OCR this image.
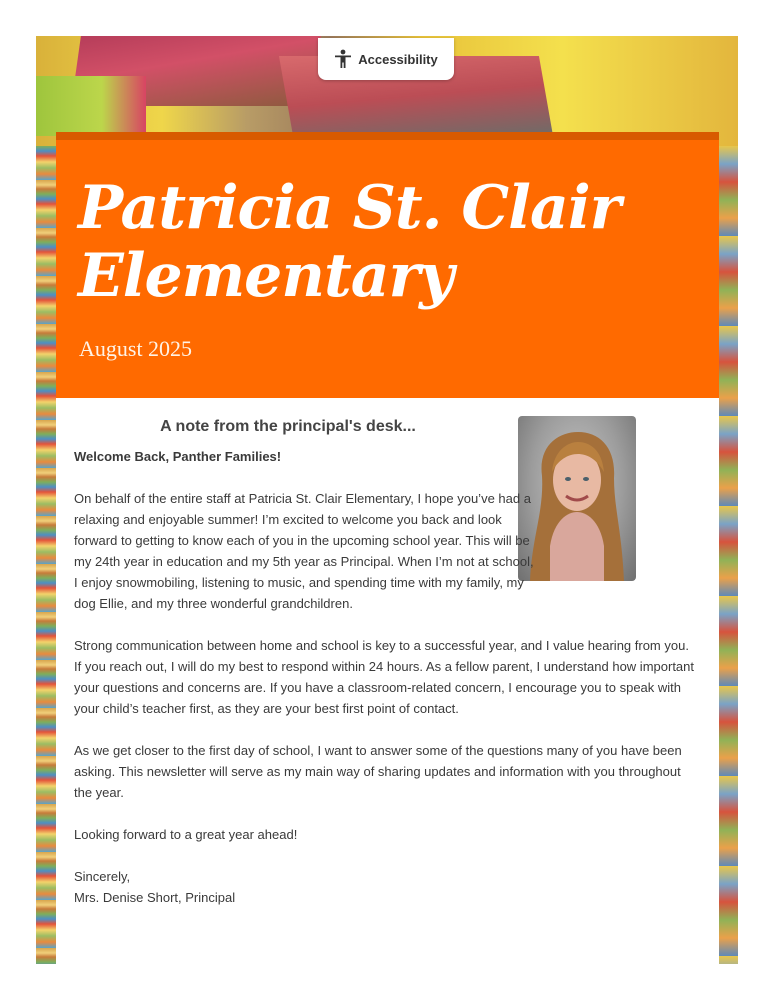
Accessibility
Patricia St. Clair
Elementary
August 2025
A note from the principal's desk...
Welcome Back, Panther Families!

On behalf of the entire staff at Patricia St. Clair Elementary, I hope you’ve had a relaxing and enjoyable summer! I’m excited to welcome you back and look forward to getting to know each of you in the upcoming school year. This will be my 24th year in education and my 5th year as Principal. When I’m not at school, I enjoy snowmobiling, listening to music, and spending time with my family, my dog Ellie, and my three wonderful grandchildren.

Strong communication between home and school is key to a successful year, and I value hearing from you. If you reach out, I will do my best to respond within 24 hours. As a fellow parent, I understand how important your questions and concerns are. If you have a classroom-related concern, I encourage you to speak with your child’s teacher first, as they are your best first point of contact.

As we get closer to the first day of school, I want to answer some of the questions many of you have been asking. This newsletter will serve as my main way of sharing updates and information with you throughout the year.

Looking forward to a great year ahead!

Sincerely,
Mrs. Denise Short, Principal
